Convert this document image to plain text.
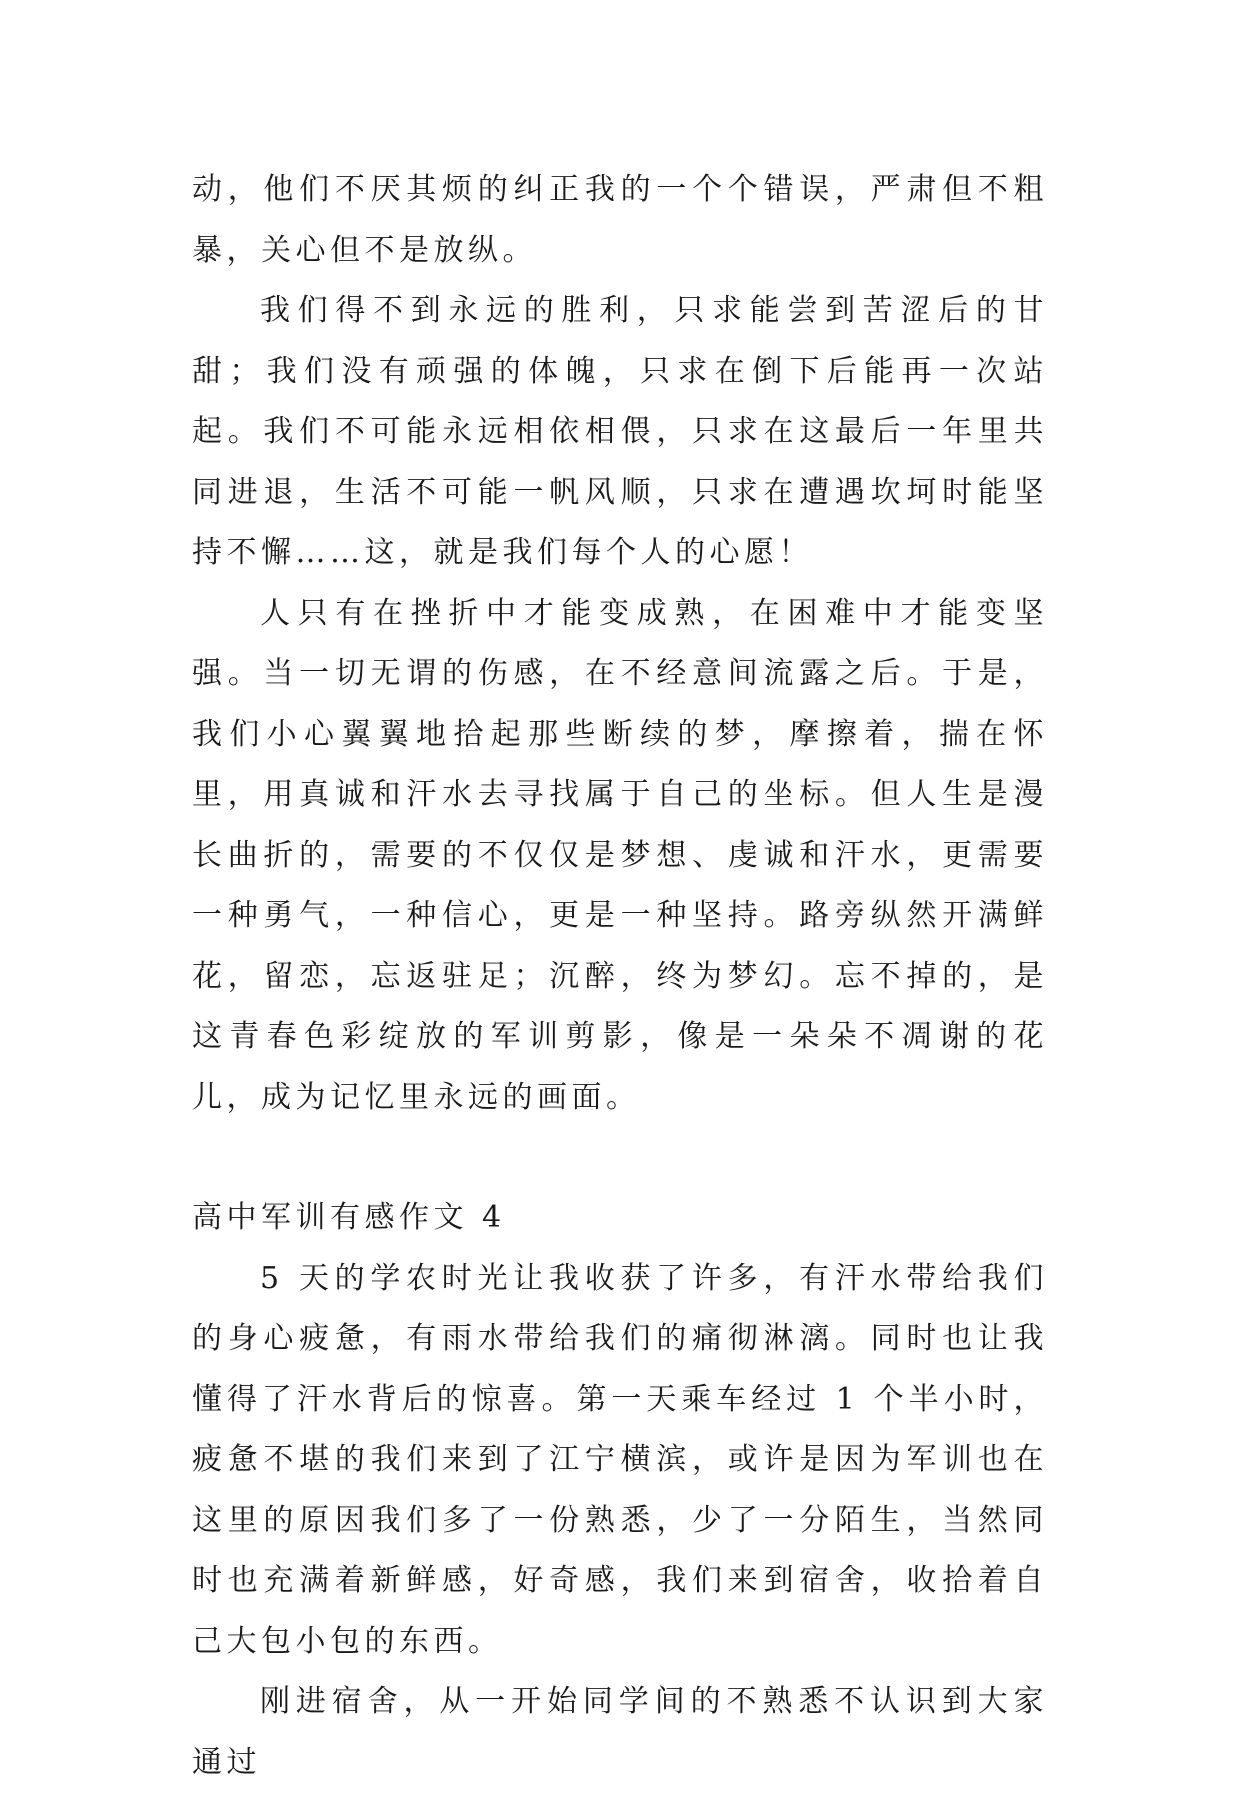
动，他们不厌其烦的纠正我的一个个错误，严肃但不粗暴，关心但不是放纵。

我们得不到永远的胜利，只求能尝到苦涩后的甘甜；我们没有顽强的体魄，只求在倒下后能再一次站起。我们不可能永远相依相偎，只求在这最后一年里共同进退，生活不可能一帆风顺，只求在遭遇坎坷时能坚持不懈……这，就是我们每个人的心愿！

人只有在挫折中才能变成熟，在困难中才能变坚强。当一切无谓的伤感，在不经意间流露之后。于是，我们小心翼翼地拾起那些断续的梦，摩擦着，揣在怀里，用真诚和汗水去寻找属于自己的坐标。但人生是漫长曲折的，需要的不仅仅是梦想、虔诚和汗水，更需要一种勇气，一种信心，更是一种坚持。路旁纵然开满鲜花，留恋，忘返驻足；沉醉，终为梦幻。忘不掉的，是这青春色彩绽放的军训剪影，像是一朵朵不凋谢的花儿，成为记忆里永远的画面。

高中军训有感作文 4

5 天的学农时光让我收获了许多，有汗水带给我们的身心疲惫，有雨水带给我们的痛彻淋漓。同时也让我懂得了汗水背后的惊喜。第一天乘车经过 1 个半小时，疲惫不堪的我们来到了江宁横滨，或许是因为军训也在这里的原因我们多了一份熟悉，少了一分陌生，当然同时也充满着新鲜感，好奇感，我们来到宿舍，收拾着自己大包小包的东西。

刚进宿舍，从一开始同学间的不熟悉不认识到大家通过
